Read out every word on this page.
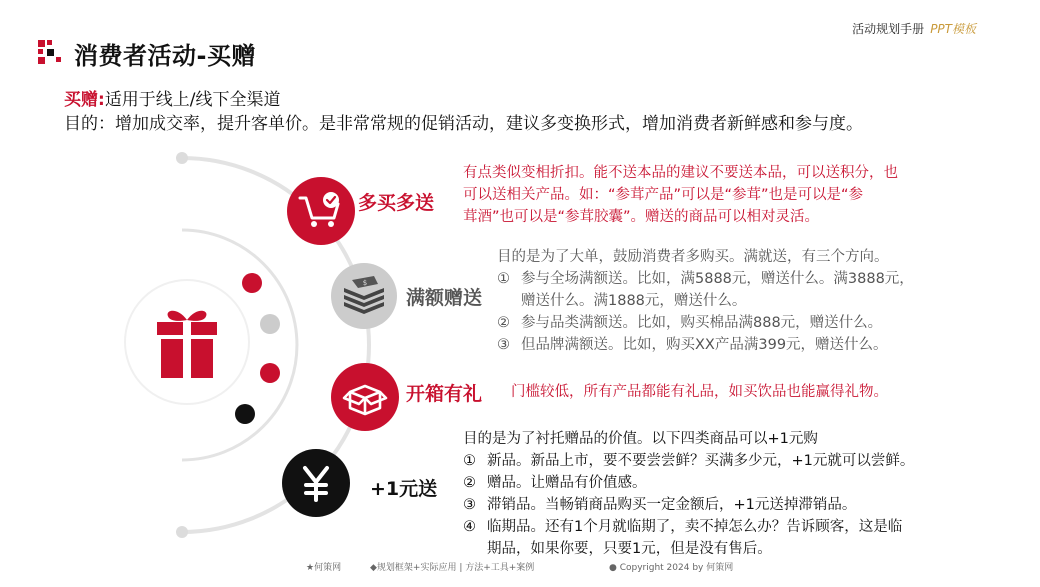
活动规划手册 PPT模板
消费者活动-买赠
买赠:适用于线上/线下全渠道
目的：增加成交率，提升客单价。是非常常规的促销活动，建议多变换形式，增加消费者新鲜感和参与度。
$
多买多送
满额赠送
开箱有礼
+1元送
有点类似变相折扣。能不送本品的建议不要送本品，可以送积分，也
可以送相关产品。如：“参茸产品”可以是“参茸”也是可以是“参
茸酒”也可以是“参茸胶囊”。赠送的商品可以相对灵活。
目的是为了大单，鼓励消费者多购买。满就送，有三个方向。
① 参与全场满额送。比如，满5888元，赠送什么。满3888元，
赠送什么。满1888元，赠送什么。
② 参与品类满额送。比如，购买棉品满888元，赠送什么。
③ 但品牌满额送。比如，购买XX产品满399元，赠送什么。
门槛较低，所有产品都能有礼品，如买饮品也能赢得礼物。
目的是为了衬托赠品的价值。以下四类商品可以+1元购
① 新品。新品上市，要不要尝尝鲜？买满多少元，+1元就可以尝鲜。
② 赠品。让赠品有价值感。
③ 滞销品。当畅销商品购买一定金额后，+1元送掉滞销品。
④ 临期品。还有1个月就临期了，卖不掉怎么办？告诉顾客，这是临
期品，如果你要，只要1元，但是没有售后。
★何策网	◆规划框架+实际应用 | 方法+工具+案例	● Copyright 2024 by 何策网
